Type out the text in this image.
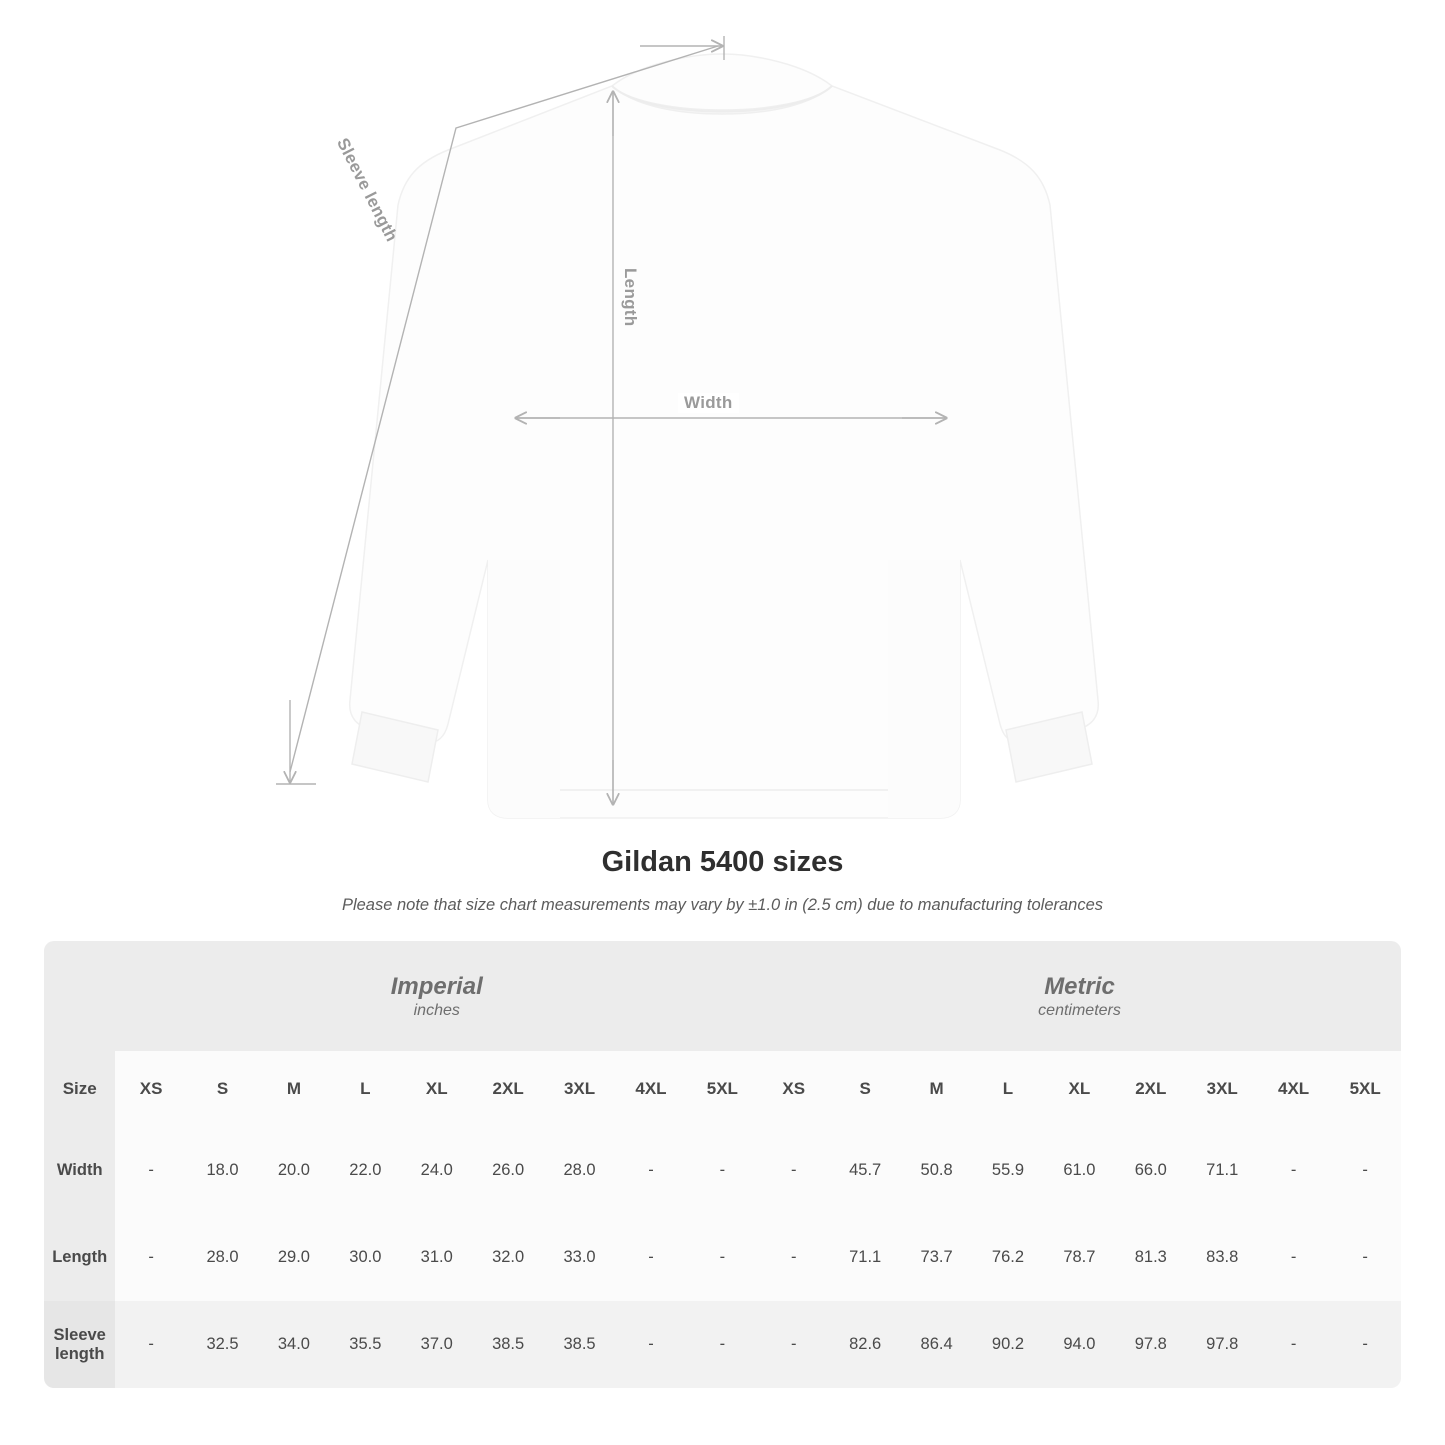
Sleeve length
Length
Width
Gildan 5400 sizes

Please note that size chart measurements may vary by ±1.0 in (2.5 cm) due to manufacturing tolerances

Imperial
inches

Metric
centimeters

Size	XS	S	M	L	XL	2XL	3XL	4XL	5XL	XS	S	M	L	XL	2XL	3XL	4XL	5XL
Width	-	18.0	20.0	22.0	24.0	26.0	28.0	-	-	-	45.7	50.8	55.9	61.0	66.0	71.1	-	-
Length	-	28.0	29.0	30.0	31.0	32.0	33.0	-	-	-	71.1	73.7	76.2	78.7	81.3	83.8	-	-
Sleeve length	-	32.5	34.0	35.5	37.0	38.5	38.5	-	-	-	82.6	86.4	90.2	94.0	97.8	97.8	-	-
